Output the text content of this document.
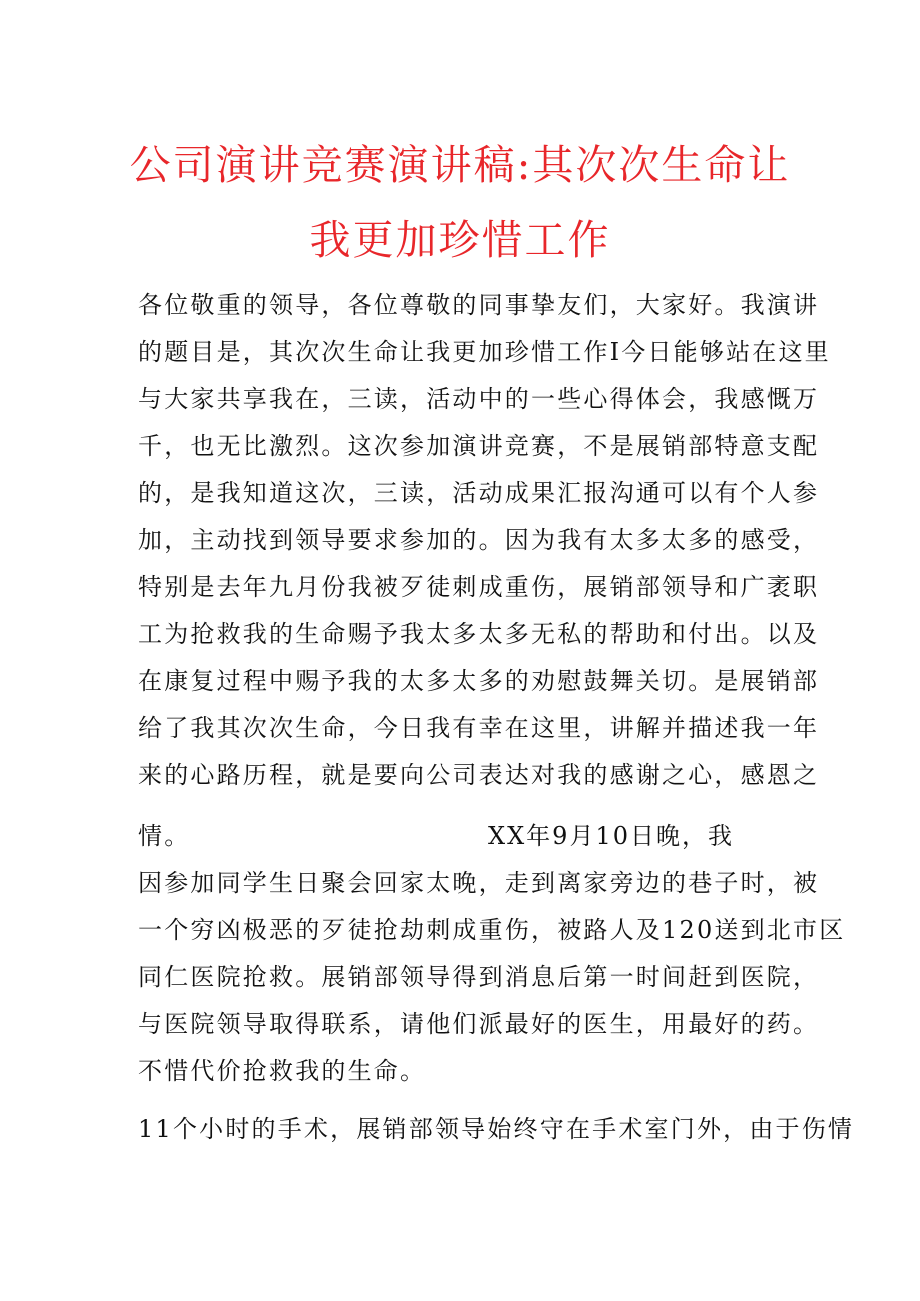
公司演讲竞赛演讲稿:其次次生命让
我更加珍惜工作
各位敬重的领导，各位尊敬的同事挚友们，大家好。我演讲
的题目是，其次次生命让我更加珍惜工作I今日能够站在这里
与大家共享我在，三读，活动中的一些心得体会，我感慨万
千，也无比激烈。这次参加演讲竞赛，不是展销部特意支配
的，是我知道这次，三读，活动成果汇报沟通可以有个人参
加，主动找到领导要求参加的。因为我有太多太多的感受，
特别是去年九月份我被歹徒刺成重伤，展销部领导和广袤职
工为抢救我的生命赐予我太多太多无私的帮助和付出。以及
在康复过程中赐予我的太多太多的劝慰鼓舞关切。是展销部
给了我其次次生命，今日我有幸在这里，讲解并描述我一年
来的心路历程，就是要向公司表达对我的感谢之心，感恩之
情。
因参加同学生日聚会回家太晚，走到离家旁边的巷子时，被
一个穷凶极恶的歹徒抢劫刺成重伤，被路人及120送到北市区
同仁医院抢救。展销部领导得到消息后第一时间赶到医院，
与医院领导取得联系，请他们派最好的医生，用最好的药。
不惜代价抢救我的生命。
11个小时的手术，展销部领导始终守在手术室门外，由于伤情
XX年9月10日晚，我
